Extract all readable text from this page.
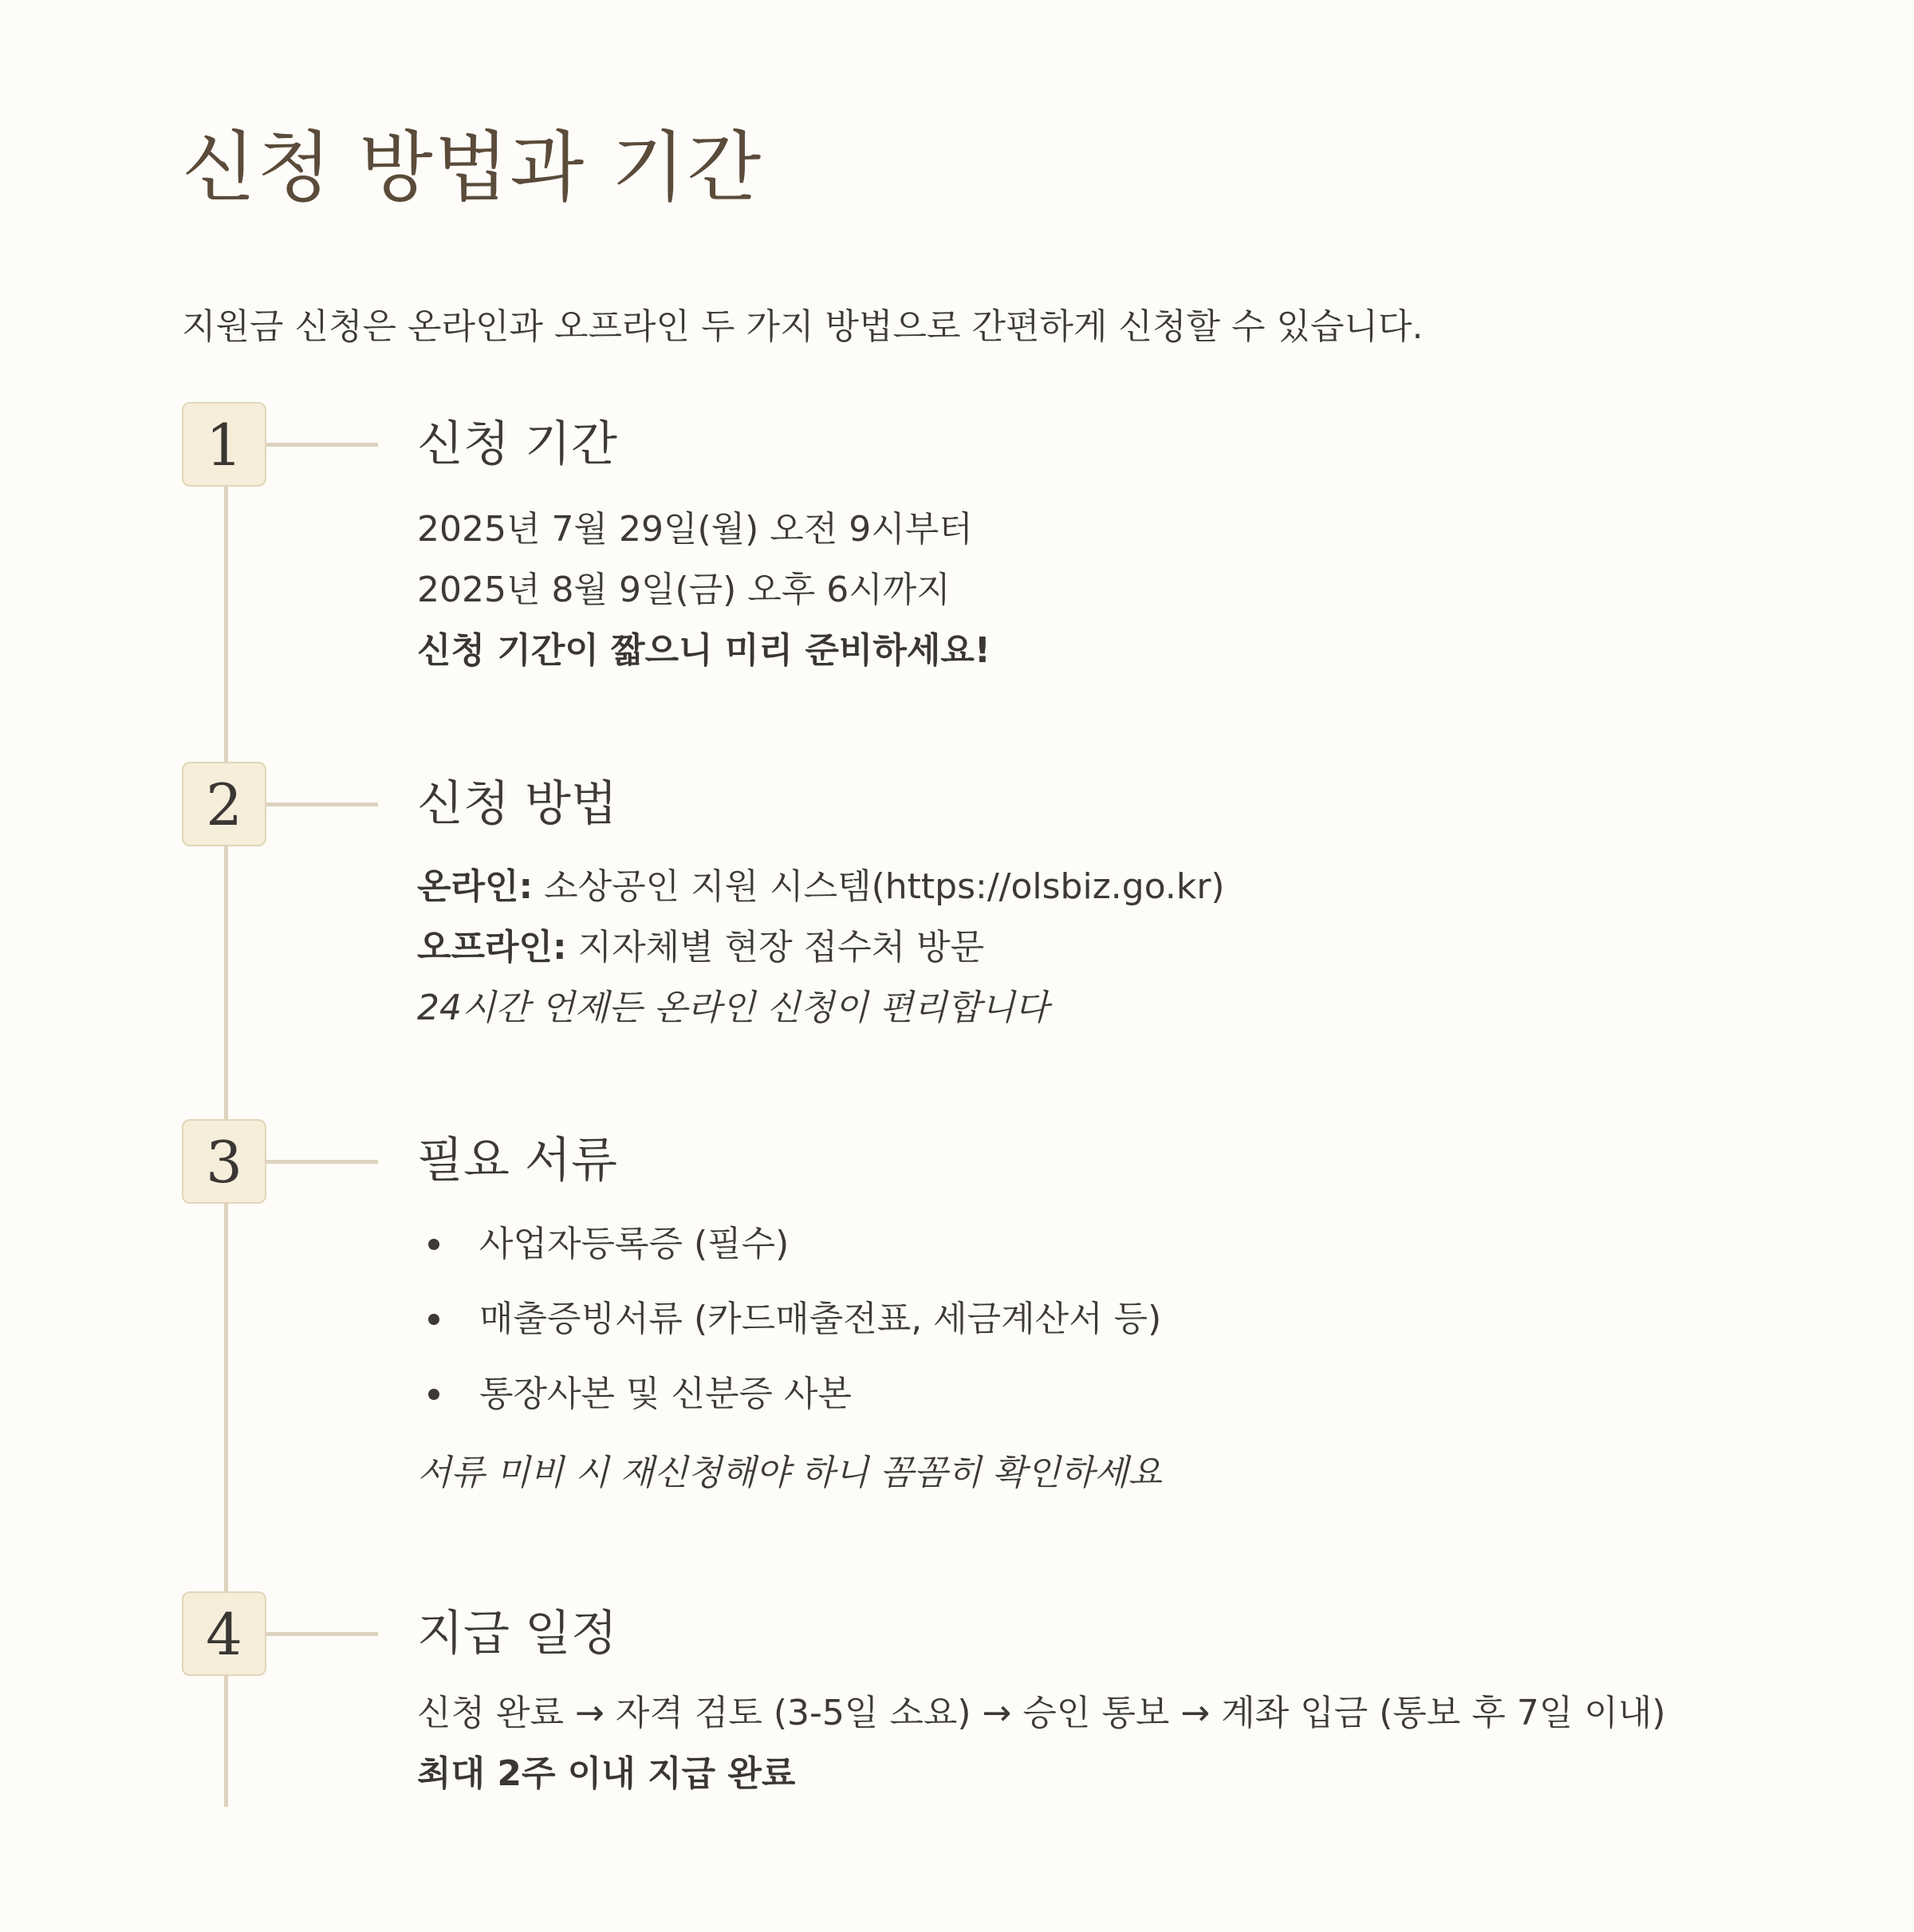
신청 방법과 기간

지원금 신청은 온라인과 오프라인 두 가지 방법으로 간편하게 신청할 수 있습니다.

1	신청 기간
2025년 7월 29일(월) 오전 9시부터
2025년 8월 9일(금) 오후 6시까지
신청 기간이 짧으니 미리 준비하세요!
2	신청 방법
온라인: 소상공인 지원 시스템(https://olsbiz.go.kr)
오프라인: 지자체별 현장 접수처 방문
24시간 언제든 온라인 신청이 편리합니다
3	필요 서류
사업자등록증 (필수)
매출증빙서류 (카드매출전표, 세금계산서 등)
통장사본 및 신분증 사본
서류 미비 시 재신청해야 하니 꼼꼼히 확인하세요
4	지급 일정
신청 완료 → 자격 검토 (3-5일 소요) → 승인 통보 → 계좌 입금 (통보 후 7일 이내)
최대 2주 이내 지급 완료
